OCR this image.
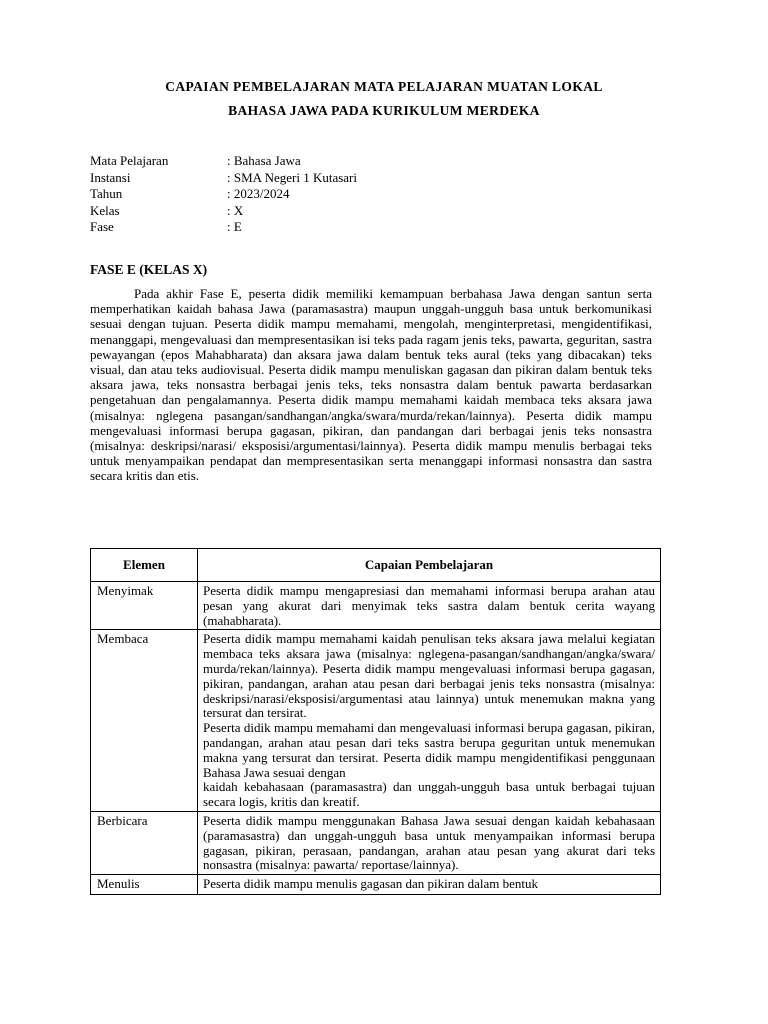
CAPAIAN PEMBELAJARAN MATA PELAJARAN MUATAN LOKAL
BAHASA JAWA PADA KURIKULUM MERDEKA
Mata Pelajaran	: Bahasa Jawa
Instansi	: SMA Negeri 1 Kutasari
Tahun	: 2023/2024
Kelas	: X
Fase	: E
FASE E (KELAS X)

Pada akhir Fase E, peserta didik memiliki kemampuan berbahasa Jawa dengan santun serta memperhatikan kaidah bahasa Jawa (paramasastra) maupun unggah-ungguh basa untuk berkomunikasi sesuai dengan tujuan. Peserta didik mampu memahami, mengolah, menginterpretasi, mengidentifikasi, menanggapi, mengevaluasi dan mempresentasikan isi teks pada ragam jenis teks, pawarta, geguritan, sastra pewayangan (epos Mahabharata) dan aksara jawa dalam bentuk teks aural (teks yang dibacakan) teks visual, dan atau teks audiovisual. Peserta didik mampu menuliskan gagasan dan pikiran dalam bentuk teks aksara jawa, teks nonsastra berbagai jenis teks, teks nonsastra dalam bentuk pawarta berdasarkan pengetahuan dan pengalamannya. Peserta didik mampu memahami kaidah membaca teks aksara jawa (misalnya: nglegena pasangan/sandhangan/angka/swara/murda/rekan/lainnya). Peserta didik mampu mengevaluasi informasi berupa gagasan, pikiran, dan pandangan dari berbagai jenis teks nonsastra (misalnya: deskripsi/narasi/ eksposisi/argumentasi/lainnya). Peserta didik mampu menulis berbagai teks untuk menyampaikan pendapat dan mempresentasikan serta menanggapi informasi nonsastra dan sastra secara kritis dan etis.

Elemen	Capaian Pembelajaran
Menyimak	Peserta didik mampu mengapresiasi dan memahami informasi berupa arahan atau pesan yang akurat dari menyimak teks sastra dalam bentuk cerita wayang (mahabharata).

Membaca	Peserta didik mampu memahami kaidah penulisan teks aksara jawa melalui kegiatan membaca teks aksara jawa (misalnya: nglegena-pasangan/sandhangan/angka/swara/ murda/rekan/lainnya). Peserta didik mampu mengevaluasi informasi berupa gagasan, pikiran, pandangan, arahan atau pesan dari berbagai jenis teks nonsastra (misalnya: deskripsi/narasi/eksposisi/argumentasi atau lainnya) untuk menemukan makna yang tersurat dan tersirat.

Peserta didik mampu memahami dan mengevaluasi informasi berupa gagasan, pikiran, pandangan, arahan atau pesan dari teks sastra berupa geguritan untuk menemukan makna yang tersurat dan tersirat. Peserta didik mampu mengidentifikasi penggunaan Bahasa Jawa sesuai dengan

kaidah kebahasaan (paramasastra) dan unggah-ungguh basa untuk berbagai tujuan secara logis, kritis dan kreatif.

Berbicara	Peserta didik mampu menggunakan Bahasa Jawa sesuai dengan kaidah kebahasaan (paramasastra) dan unggah-ungguh basa untuk menyampaikan informasi berupa gagasan, pikiran, perasaan, pandangan, arahan atau pesan yang akurat dari teks nonsastra (misalnya: pawarta/ reportase/lainnya).

Menulis	Peserta didik mampu menulis gagasan dan pikiran dalam bentuk
